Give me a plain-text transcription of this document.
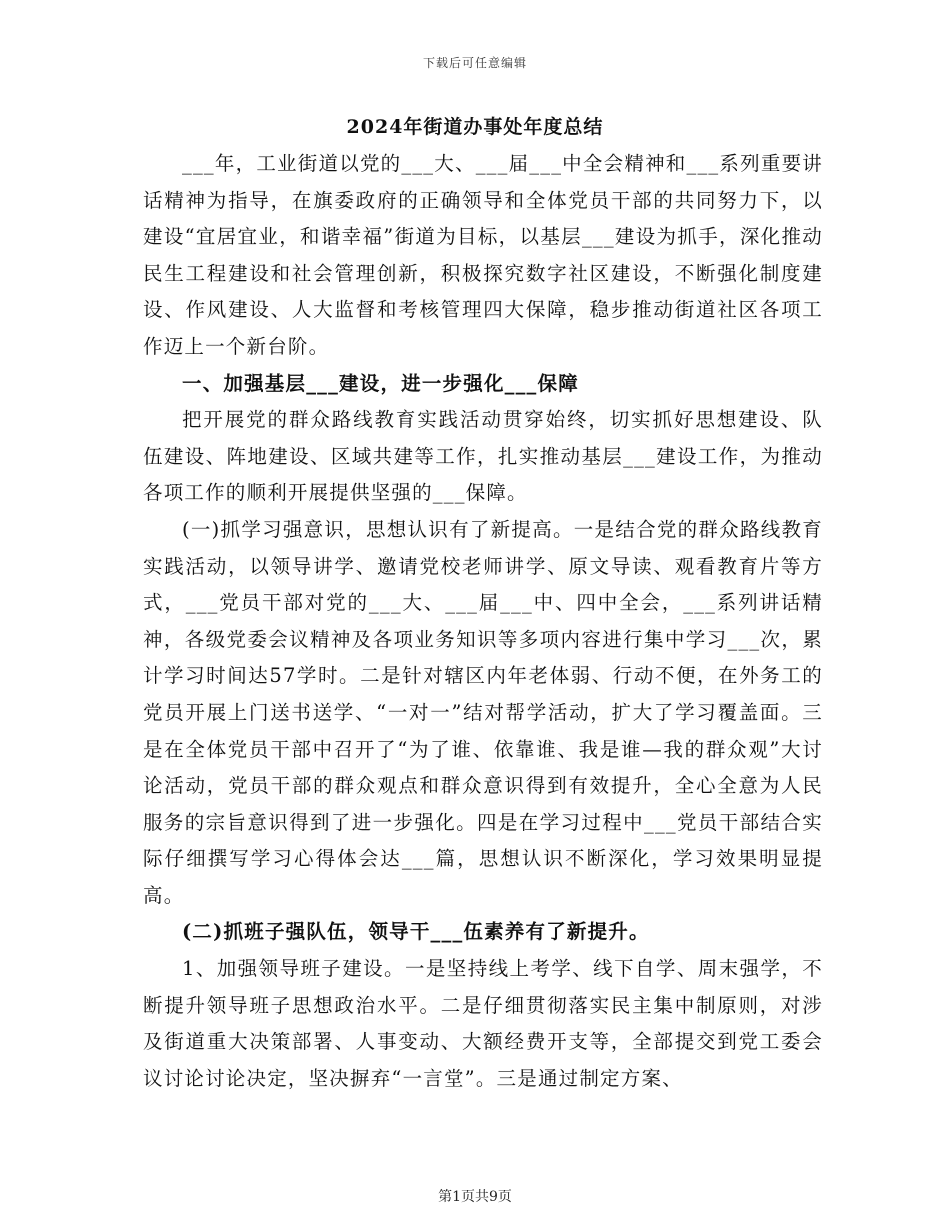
下载后可任意编辑
2024年街道办事处年度总结

___年，工业街道以党的___大、___届___中全会精神和___系列重要讲话精神为指导，在旗委政府的正确领导和全体党员干部的共同努力下，以建设“宜居宜业，和谐幸福”街道为目标，以基层___建设为抓手，深化推动民生工程建设和社会管理创新，积极探究数字社区建设，不断强化制度建设、作风建设、人大监督和考核管理四大保障，稳步推动街道社区各项工作迈上一个新台阶。

一、加强基层___建设，进一步强化___保障

把开展党的群众路线教育实践活动贯穿始终，切实抓好思想建设、队伍建设、阵地建设、区域共建等工作，扎实推动基层___建设工作，为推动各项工作的顺利开展提供坚强的___保障。

(一)抓学习强意识，思想认识有了新提高。一是结合党的群众路线教育实践活动，以领导讲学、邀请党校老师讲学、原文导读、观看教育片等方式，___党员干部对党的___大、___届___中、四中全会，___系列讲话精神，各级党委会议精神及各项业务知识等多项内容进行集中学习___次，累计学习时间达57学时。二是针对辖区内年老体弱、行动不便，在外务工的党员开展上门送书送学、“一对一”结对帮学活动，扩大了学习覆盖面。三是在全体党员干部中召开了“为了谁、依靠谁、我是谁—我的群众观”大讨论活动，党员干部的群众观点和群众意识得到有效提升，全心全意为人民服务的宗旨意识得到了进一步强化。四是在学习过程中___党员干部结合实际仔细撰写学习心得体会达___篇，思想认识不断深化，学习效果明显提高。

(二)抓班子强队伍，领导干___伍素养有了新提升。

1、加强领导班子建设。一是坚持线上考学、线下自学、周末强学，不断提升领导班子思想政治水平。二是仔细贯彻落实民主集中制原则，对涉及街道重大决策部署、人事变动、大额经费开支等，全部提交到党工委会议讨论讨论决定，坚决摒弃“一言堂”。三是通过制定方案、

第1页共9页
